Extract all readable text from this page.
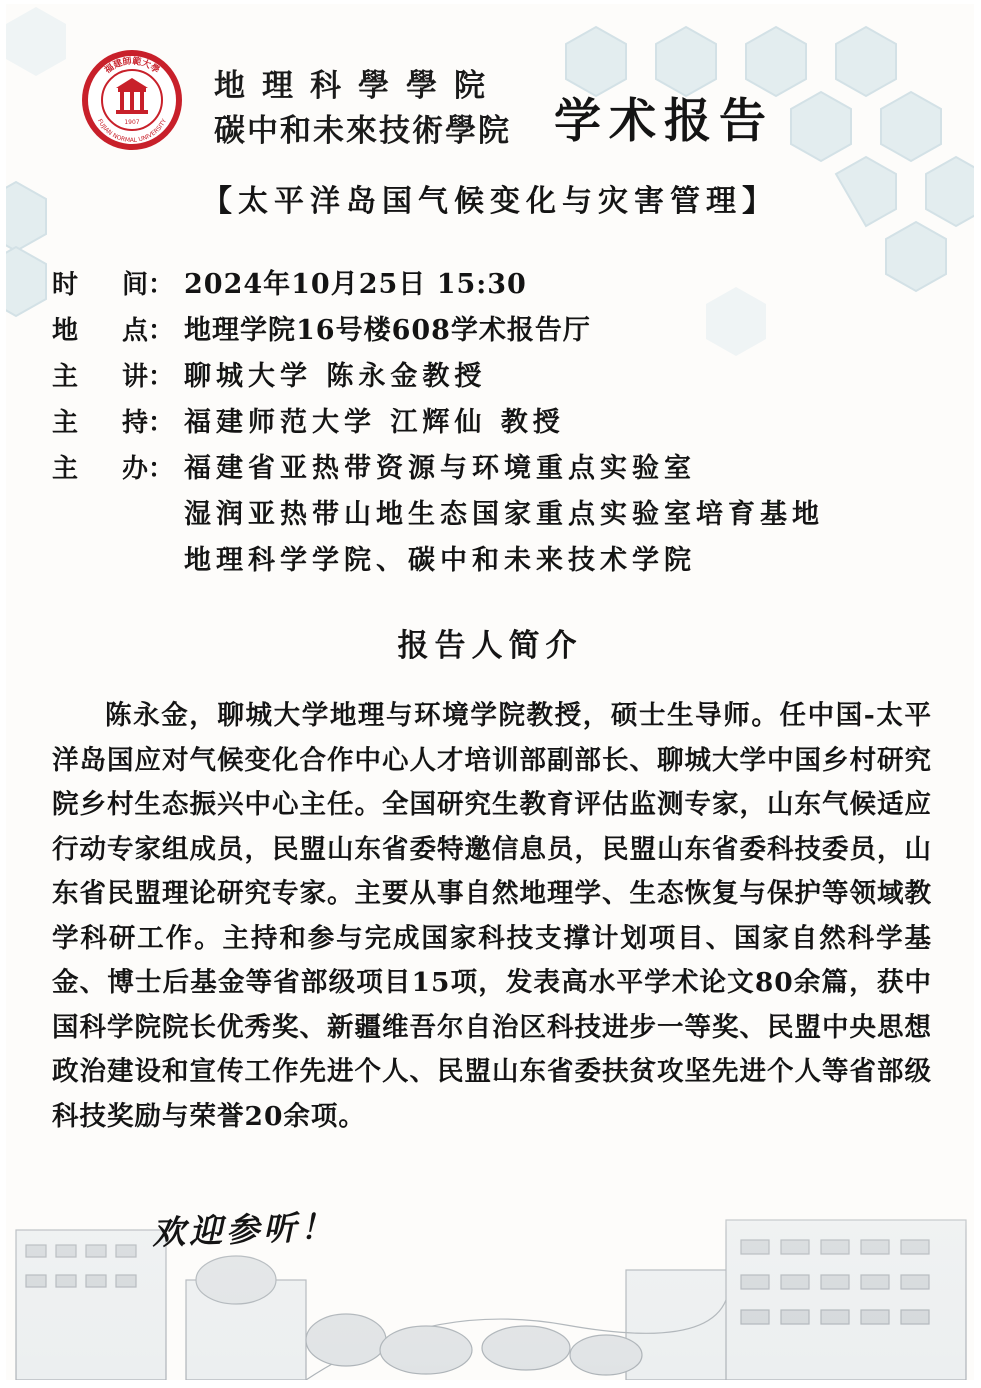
福建師範大學
FUJIAN NORMAL UNIVERSITY
1907
地理科學學院
碳中和未來技術學院 学术报告
【太平洋岛国气候变化与灾害管理】
时 间： 2024年10月25日 15:30
地 点： 地理学院16号楼608学术报告厅
主 讲： 聊城大学 陈永金教授
主 持： 福建师范大学 江辉仙 教授
主 办： 福建省亚热带资源与环境重点实验室
湿润亚热带山地生态国家重点实验室培育基地
地理科学学院、碳中和未来技术学院
报告人简介
陈永金，聊城大学地理与环境学院教授，硕士生导师。任中国-太平洋岛国应对气候变化合作中心人才培训部副部长、聊城大学中国乡村研究院乡村生态振兴中心主任。全国研究生教育评估监测专家，山东气候适应行动专家组成员，民盟山东省委特邀信息员，民盟山东省委科技委员，山东省民盟理论研究专家。主要从事自然地理学、生态恢复与保护等领域教学科研工作。主持和参与完成国家科技支撑计划项目、国家自然科学基金、博士后基金等省部级项目15项，发表高水平学术论文80余篇，获中国科学院院长优秀奖、新疆维吾尔自治区科技进步一等奖、民盟中央思想政治建设和宣传工作先进个人、民盟山东省委扶贫攻坚先进个人等省部级科技奖励与荣誉20余项。
欢迎参听！
